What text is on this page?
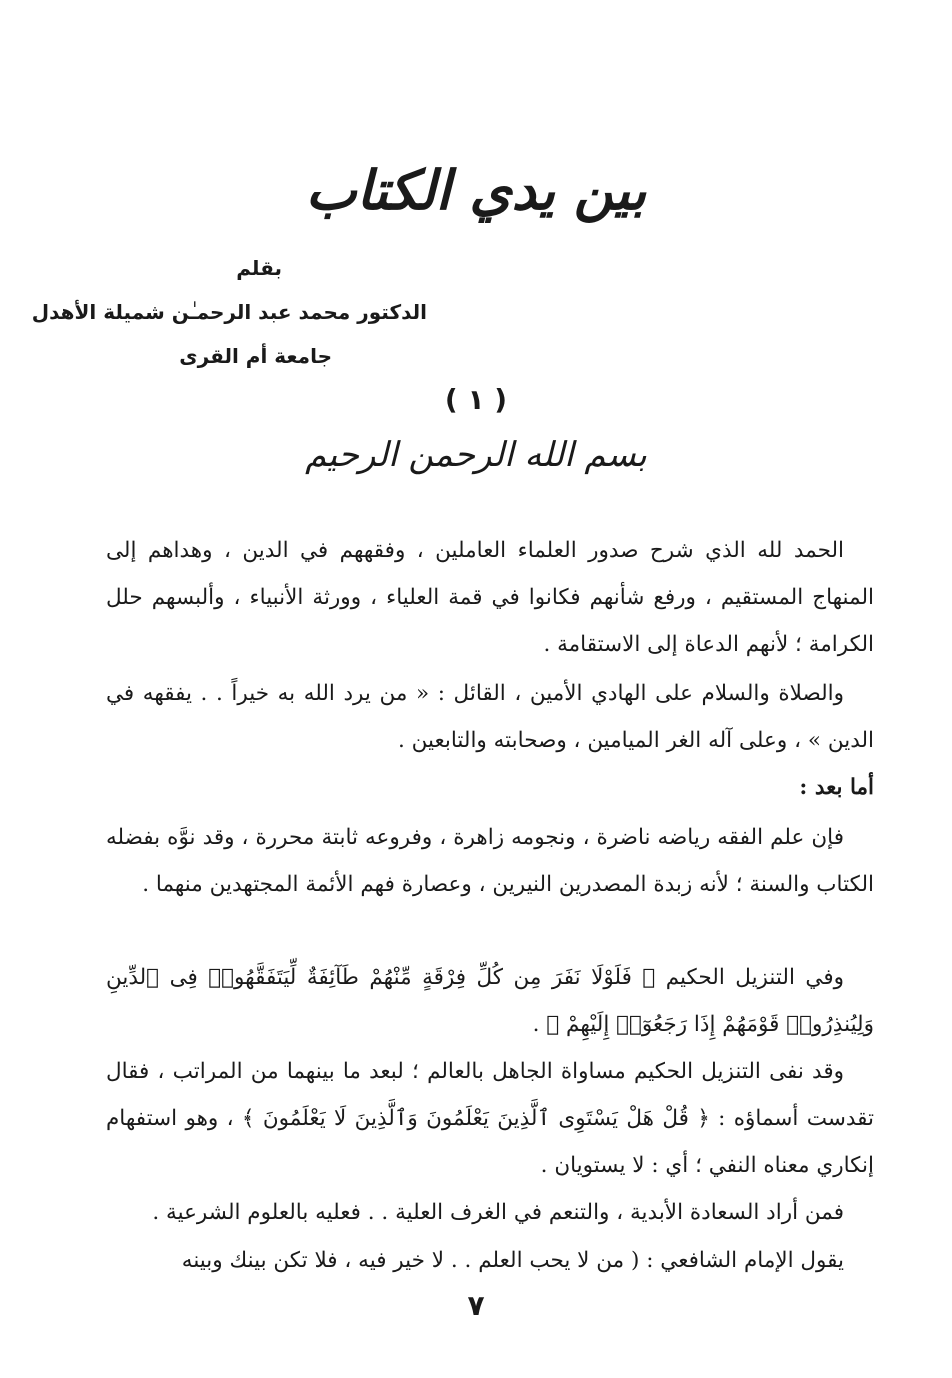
بين يدي الكتاب
بقلم
الدكتور محمد عبد الرحمـٰن شميلة الأهدل
جامعة أم القرى
( ١ )
بسم الله الرحمن الرحيم

الحمد لله الذي شرح صدور العلماء العاملين ، وفقههم في الدين ، وهداهم إلى المنهاج المستقيم ، ورفع شأنهم فكانوا في قمة العلياء ، وورثة الأنبياء ، وألبسهم حلل الكرامة ؛ لأنهم الدعاة إلى الاستقامة .

والصلاة والسلام على الهادي الأمين ، القائل : « من يرد الله به خيراً . . يفقهه في الدين » ، وعلى آله الغر الميامين ، وصحابته والتابعين .

أما بعد :

فإن علم الفقه رياضه ناضرة ، ونجومه زاهرة ، وفروعه ثابتة محررة ، وقد نوَّه بفضله الكتاب والسنة ؛ لأنه زبدة المصدرين النيرين ، وعصارة فهم الأئمة المجتهدين منهما .

وفي التنزيل الحكيم ﴿ فَلَوْلَا نَفَرَ مِن كُلِّ فِرْقَةٍ مِّنْهُمْ طَآئِفَةٌ لِّيَتَفَقَّهُوا۟ فِى ٱلدِّينِ وَلِيُنذِرُوا۟ قَوْمَهُمْ إِذَا رَجَعُوٓا۟ إِلَيْهِمْ ﴾ .

وقد نفى التنزيل الحكيم مساواة الجاهل بالعالم ؛ لبعد ما بينهما من المراتب ، فقال تقدست أسماؤه : ﴿ قُلْ هَلْ يَسْتَوِى ٱلَّذِينَ يَعْلَمُونَ وَٱلَّذِينَ لَا يَعْلَمُونَ ﴾ ، وهو استفهام إنكاري معناه النفي ؛ أي : لا يستويان .

فمن أراد السعادة الأبدية ، والتنعم في الغرف العلية . . فعليه بالعلوم الشرعية .

يقول الإمام الشافعي : ( من لا يحب العلم . . لا خير فيه ، فلا تكن بينك وبينه

٧
